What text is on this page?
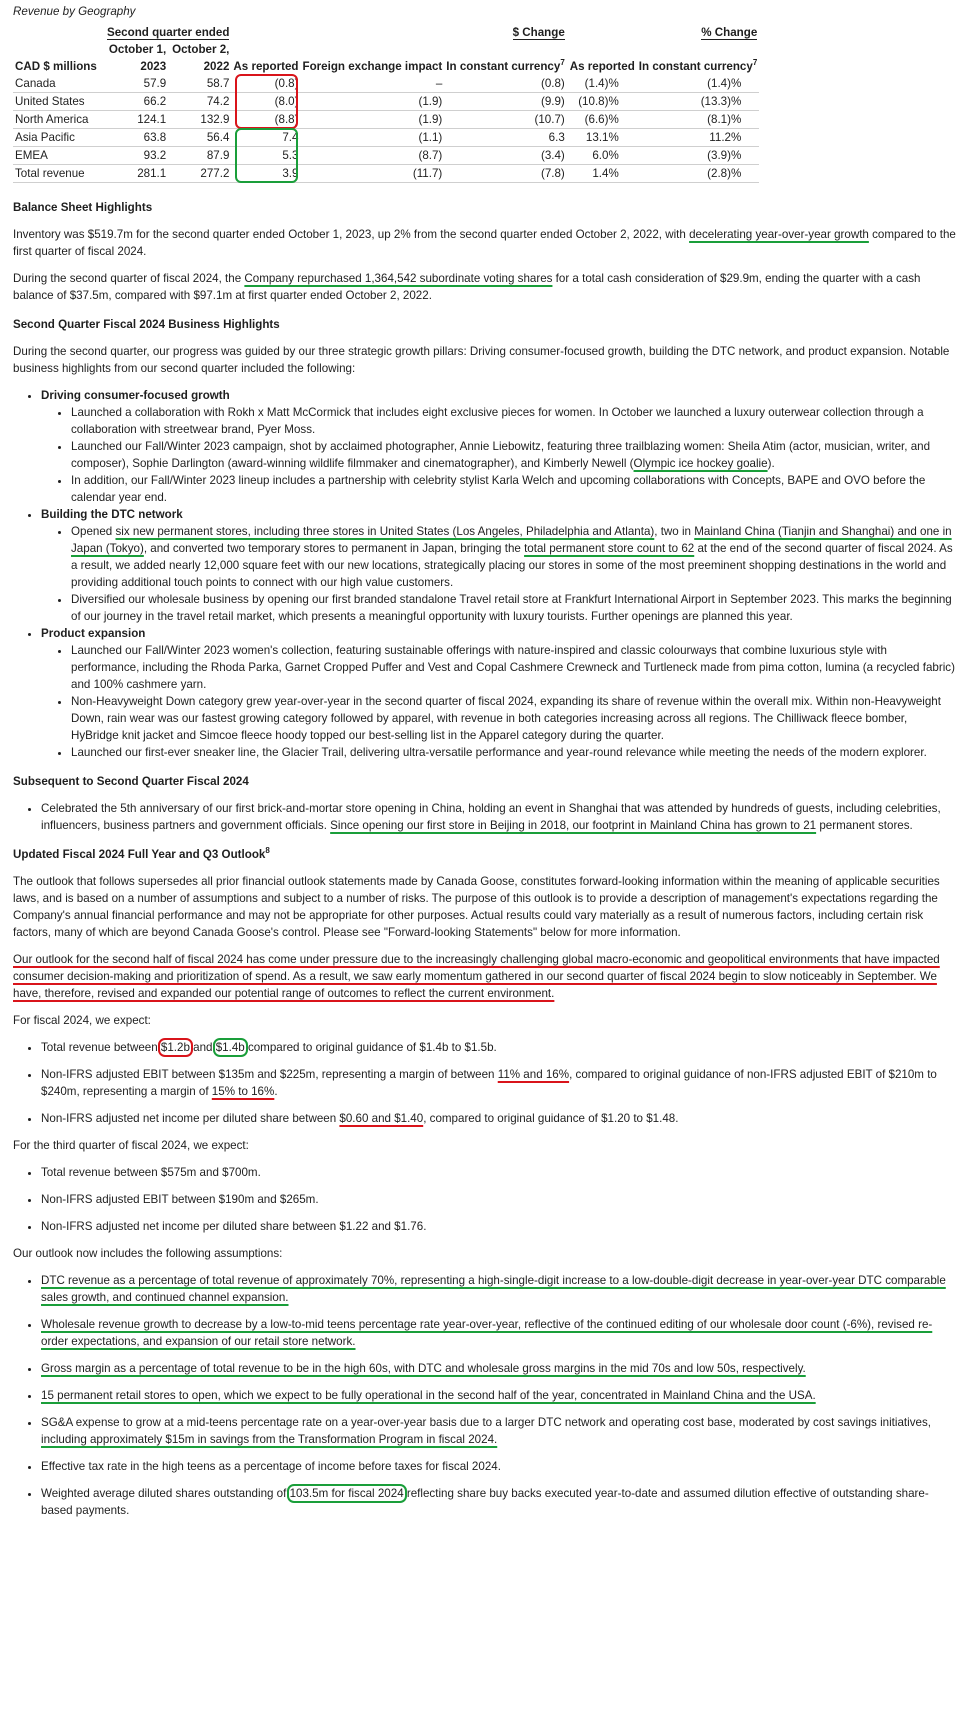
Revenue by Geography
	Second quarter ended		$ Change			% Change	
	October 1,	October 2,					
CAD $ millions	2023	2022	As reported	Foreign exchange impact	In constant currency$^7$	As reported	In constant currency$^7$
Canada	57.9	58.7	(0.8)	–	(0.8)	(1.4)%	(1.4)%
United States	66.2	74.2	(8.0)	(1.9)	(9.9)	(10.8)%	(13.3)%
North America	124.1	132.9	(8.8)	(1.9)	(10.7)	(6.6)%	(8.1)%
Asia Pacific	63.8	56.4	7.4	(1.1)	6.3	13.1%	11.2%
EMEA	93.2	87.9	5.3	(8.7)	(3.4)	6.0%	(3.9)%
Total revenue	281.1	277.2	3.9	(11.7)	(7.8)	1.4%	(2.8)%
Balance Sheet Highlights

Inventory was $519.7m for the second quarter ended October 1, 2023, up 2% from the second quarter ended October 2, 2022, with decelerating year-over-year growth compared to the first quarter of fiscal 2024.

During the second quarter of fiscal 2024, the Company repurchased 1,364,542 subordinate voting shares for a total cash consideration of $29.9m, ending the quarter with a cash balance of $37.5m, compared with $97.1m at first quarter ended October 2, 2022.

Second Quarter Fiscal 2024 Business Highlights

During the second quarter, our progress was guided by our three strategic growth pillars: Driving consumer-focused growth, building the DTC network, and product expansion. Notable business highlights from our second quarter included the following:

• Driving consumer-focused growth
• Launched a collaboration with Rokh x Matt McCormick that includes eight exclusive pieces for women. In October we launched a luxury outerwear collection through a collaboration with streetwear brand, Pyer Moss.
• Launched our Fall/Winter 2023 campaign, shot by acclaimed photographer, Annie Liebowitz, featuring three trailblazing women: Sheila Atim (actor, musician, writer, and composer), Sophie Darlington (award-winning wildlife filmmaker and cinematographer), and Kimberly Newell (Olympic ice hockey goalie).
• In addition, our Fall/Winter 2023 lineup includes a partnership with celebrity stylist Karla Welch and upcoming collaborations with Concepts, BAPE and OVO before the calendar year end.
• Building the DTC network
• Opened six new permanent stores, including three stores in United States (Los Angeles, Philadelphia and Atlanta), two in Mainland China (Tianjin and Shanghai) and one in Japan (Tokyo), and converted two temporary stores to permanent in Japan, bringing the total permanent store count to 62 at the end of the second quarter of fiscal 2024. As a result, we added nearly 12,000 square feet with our new locations, strategically placing our stores in some of the most preeminent shopping destinations in the world and providing additional touch points to connect with our high value customers.
• Diversified our wholesale business by opening our first branded standalone Travel retail store at Frankfurt International Airport in September 2023. This marks the beginning of our journey in the travel retail market, which presents a meaningful opportunity with luxury tourists. Further openings are planned this year.
• Product expansion
• Launched our Fall/Winter 2023 women's collection, featuring sustainable offerings with nature-inspired and classic colourways that combine luxurious style with performance, including the Rhoda Parka, Garnet Cropped Puffer and Vest and Copal Cashmere Crewneck and Turtleneck made from pima cotton, lumina (a recycled fabric) and 100% cashmere yarn.
• Non-Heavyweight Down category grew year-over-year in the second quarter of fiscal 2024, expanding its share of revenue within the overall mix. Within non-Heavyweight Down, rain wear was our fastest growing category followed by apparel, with revenue in both categories increasing across all regions. The Chilliwack fleece bomber, HyBridge knit jacket and Simcoe fleece hoody topped our best-selling list in the Apparel category during the quarter.
• Launched our first-ever sneaker line, the Glacier Trail, delivering ultra-versatile performance and year-round relevance while meeting the needs of the modern explorer.
Subsequent to Second Quarter Fiscal 2024
• Celebrated the 5th anniversary of our first brick-and-mortar store opening in China, holding an event in Shanghai that was attended by hundreds of guests, including celebrities, influencers, business partners and government officials. Since opening our first store in Beijing in 2018, our footprint in Mainland China has grown to 21 permanent stores.
Updated Fiscal 2024 Full Year and Q3 Outlook$^8$

The outlook that follows supersedes all prior financial outlook statements made by Canada Goose, constitutes forward-looking information within the meaning of applicable securities laws, and is based on a number of assumptions and subject to a number of risks. The purpose of this outlook is to provide a description of management's expectations regarding the Company's annual financial performance and may not be appropriate for other purposes. Actual results could vary materially as a result of numerous factors, including certain risk factors, many of which are beyond Canada Goose's control. Please see "Forward-looking Statements" below for more information.

Our outlook for the second half of fiscal 2024 has come under pressure due to the increasingly challenging global macro-economic and geopolitical environments that have impacted consumer decision-making and prioritization of spend. As a result, we saw early momentum gathered in our second quarter of fiscal 2024 begin to slow noticeably in September. We have, therefore, revised and expanded our potential range of outcomes to reflect the current environment.

For fiscal 2024, we expect:

• Total revenue between $1.2b and $1.4b compared to original guidance of $1.4b to $1.5b.
• Non-IFRS adjusted EBIT between $135m and $225m, representing a margin of between 11% and 16%, compared to original guidance of non-IFRS adjusted EBIT of $210m to $240m, representing a margin of 15% to 16%.
• Non-IFRS adjusted net income per diluted share between $0.60 and $1.40, compared to original guidance of $1.20 to $1.48.

For the third quarter of fiscal 2024, we expect:

• Total revenue between $575m and $700m.
• Non-IFRS adjusted EBIT between $190m and $265m.
• Non-IFRS adjusted net income per diluted share between $1.22 and $1.76.

Our outlook now includes the following assumptions:

• DTC revenue as a percentage of total revenue of approximately 70%, representing a high-single-digit increase to a low-double-digit decrease in year-over-year DTC comparable sales growth, and continued channel expansion.
• Wholesale revenue growth to decrease by a low-to-mid teens percentage rate year-over-year, reflective of the continued editing of our wholesale door count (-6%), revised re-order expectations, and expansion of our retail store network.
• Gross margin as a percentage of total revenue to be in the high 60s, with DTC and wholesale gross margins in the mid 70s and low 50s, respectively.
• 15 permanent retail stores to open, which we expect to be fully operational in the second half of the year, concentrated in Mainland China and the USA.
• SG&A expense to grow at a mid-teens percentage rate on a year-over-year basis due to a larger DTC network and operating cost base, moderated by cost savings initiatives, including approximately $15m in savings from the Transformation Program in fiscal 2024.
• Effective tax rate in the high teens as a percentage of income before taxes for fiscal 2024.
• Weighted average diluted shares outstanding of 103.5m for fiscal 2024 reflecting share buy backs executed year-to-date and assumed dilution effective of outstanding share-based payments.
